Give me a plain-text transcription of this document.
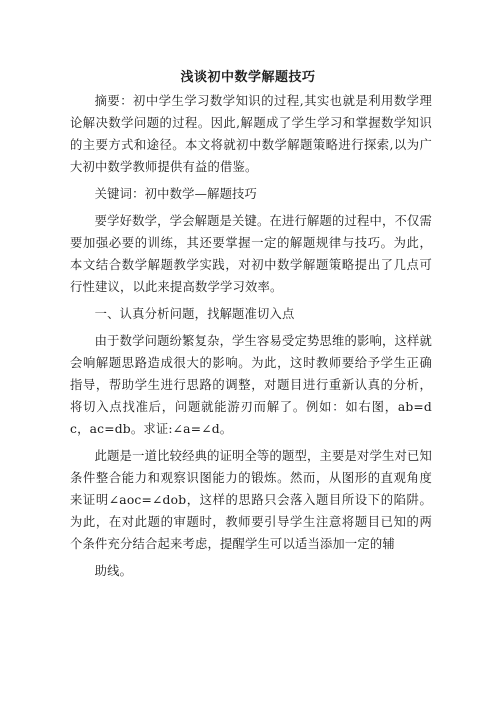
浅谈初中数学解题技巧

摘要：初中学生学习数学知识的过程,其实也就是利用数学理论解决数学问题的过程。因此,解题成了学生学习和掌握数学知识的主要方式和途径。本文将就初中数学解题策略进行探索,以为广大初中数学教师提供有益的借鉴。

关键词：初中数学—解题技巧

要学好数学，学会解题是关键。在进行解题的过程中，不仅需要加强必要的训练，其还要掌握一定的解题规律与技巧。为此，本文结合数学解题教学实践，对初中数学解题策略提出了几点可行性建议，以此来提高数学学习效率。

一、认真分析问题，找解题准切入点

由于数学问题纷繁复杂，学生容易受定势思维的影响，这样就会响解题思路造成很大的影响。为此，这时教师要给予学生正确指导，帮助学生进行思路的调整，对题目进行重新认真的分析，将切入点找准后，问题就能游刃而解了。例如：如右图，ab=dc，ac=db。求证:∠a=∠d。

此题是一道比较经典的证明全等的题型，主要是对学生对已知条件整合能力和观察识图能力的锻炼。然而，从图形的直观角度来证明∠aoc=∠dob，这样的思路只会落入题目所设下的陷阱。为此，在对此题的审题时，教师要引导学生注意将题目已知的两个条件充分结合起来考虑，提醒学生可以适当添加一定的辅

助线。
